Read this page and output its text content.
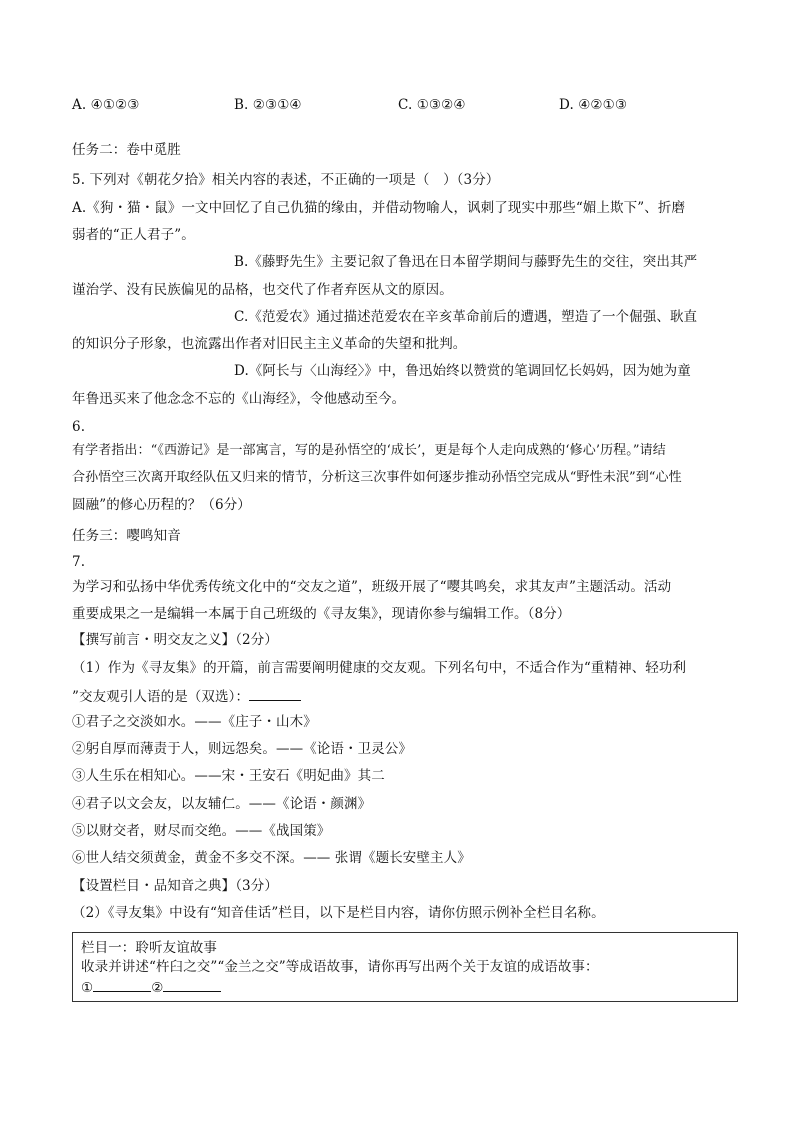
A. ④①②③	B. ②③①④	C. ①③②④	D. ④②①③
任务二：卷中觅胜
5. 下列对《朝花夕拾》相关内容的表述，不正确的一项是（　）（3分）
A.《狗・猫・鼠》一文中回忆了自己仇猫的缘由，并借动物喻人，讽刺了现实中那些“媚上欺下”、折磨
弱者的“正人君子”。
B.《藤野先生》主要记叙了鲁迅在日本留学期间与藤野先生的交往，突出其严
谨治学、没有民族偏见的品格，也交代了作者弃医从文的原因。
C.《范爱农》通过描述范爱农在辛亥革命前后的遭遇，塑造了一个倔强、耿直
的知识分子形象，也流露出作者对旧民主主义革命的失望和批判。
D.《阿长与〈山海经〉》中，鲁迅始终以赞赏的笔调回忆长妈妈，因为她为童
年鲁迅买来了他念念不忘的《山海经》，令他感动至今。
6.
有学者指出：“《西游记》是一部寓言，写的是孙悟空的‘成长’，更是每个人走向成熟的‘修心’历程。”请结
合孙悟空三次离开取经队伍又归来的情节，分析这三次事件如何逐步推动孙悟空完成从“野性未泯”到“心性
圆融”的修心历程的？（6分）
任务三：嘤鸣知音
7.
为学习和弘扬中华优秀传统文化中的“交友之道”，班级开展了“嘤其鸣矣，求其友声”主题活动。活动
重要成果之一是编辑一本属于自己班级的《寻友集》，现请你参与编辑工作。（8分）
【撰写前言・明交友之义】（2分）
（1）作为《寻友集》的开篇，前言需要阐明健康的交友观。下列名句中，不适合作为“重精神、轻功利
”交友观引人语的是（双选）：
①君子之交淡如水。——《庄子・山木》
②躬自厚而薄责于人，则远怨矣。——《论语・卫灵公》
③人生乐在相知心。——宋・王安石《明妃曲》其二
④君子以文会友，以友辅仁。——《论语・颜渊》
⑤以财交者，财尽而交绝。——《战国策》
⑥世人结交须黄金，黄金不多交不深。—— 张谓《题长安壁主人》
【设置栏目・品知音之典】（3分）
（2）《寻友集》中设有“知音佳话”栏目，以下是栏目内容，请你仿照示例补全栏目名称。
栏目一：聆听友谊故事
收录并讲述“杵臼之交”“金兰之交”等成语故事，请你再写出两个关于友谊的成语故事：
①	②
